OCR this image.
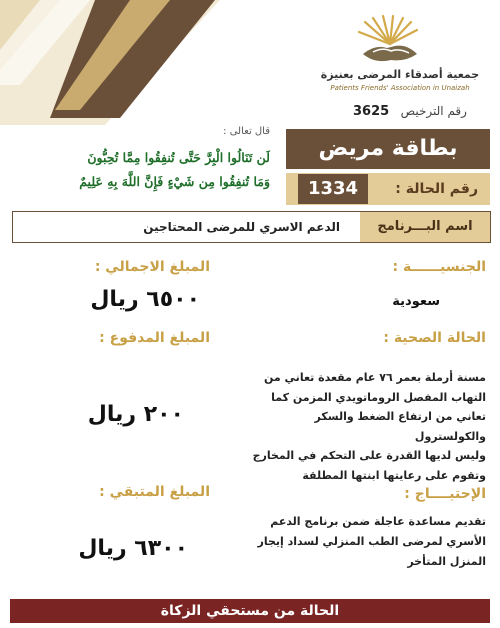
جمعية أصدقاء المرضى بعنيزة
Patients Friends' Association in Unaizah
رقم الترخيص   3625
قال تعالى :
لَن تَنَالُوا الْبِرَّ حَتَّى تُنفِقُوا مِمَّا تُحِبُّونَ
وَمَا تُنفِقُوا مِن شَيْءٍ فَإِنَّ اللَّهَ بِهِ عَلِيمٌ
بطاقة مريض
رقم الحالة :
1334
اسم البـــرنامج
الدعم الاسري للمرضى المحتاجين
الجنسيــــــة :
سعودية
الحالة الصحية :
مسنة أرملة بعمر ٧٦ عام مقعدة تعاني من
التهاب المفصل الروماتويدي المزمن كما
تعاني من ارتفاع الضغط والسكر والكولسترول
وليس لديها القدرة على التحكم في المخارج
وتقوم على رعايتها ابنتها المطلقة
الإحتيــــاج :
تقديم مساعدة عاجلة ضمن برنامج الدعم
الأسري لمرضى الطب المنزلي لسداد إيجار
المنزل المتأخر
المبلغ الاجمالي :
٦٥٠٠ ريال
المبلغ المدفوع :
٢٠٠ ريال
المبلغ المتبقي :
٦٣٠٠ ريال
الحالة من مستحقي الزكاة
